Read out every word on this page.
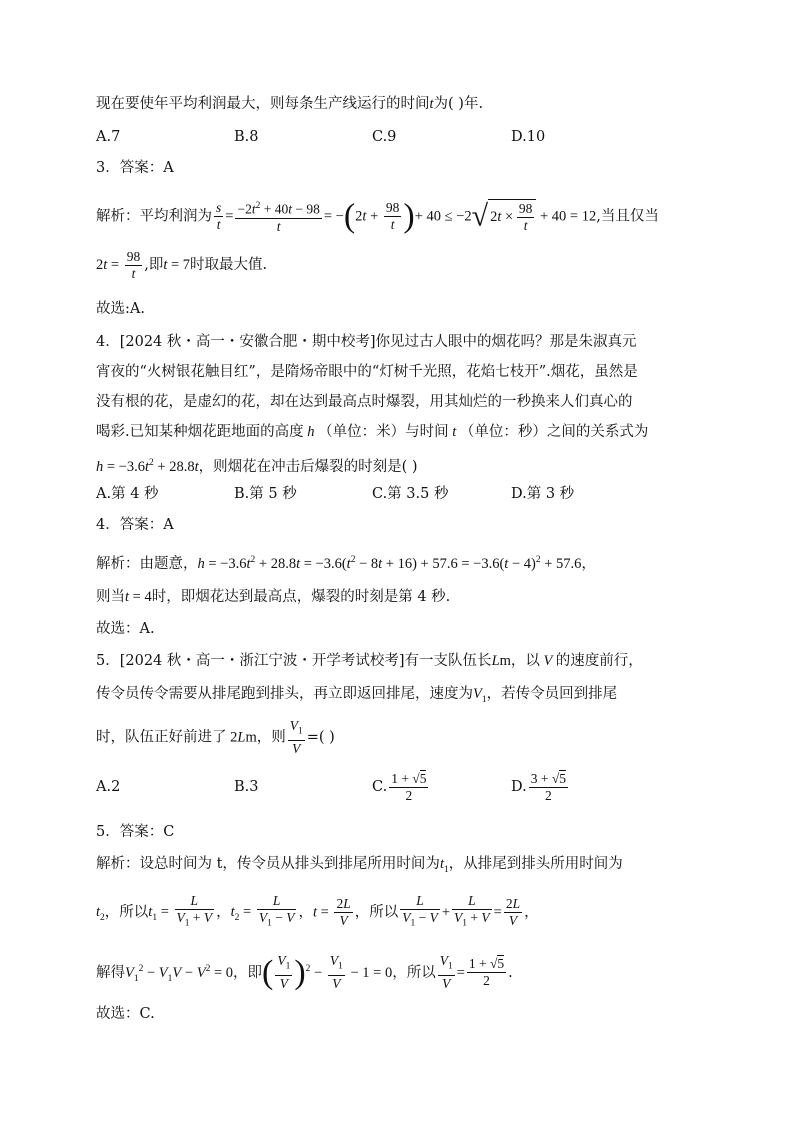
现在要使年平均利润最大，则每条生产线运行的时间t为( )年.
A.7	B.8	C.9	D.10
3．答案：A
解析：平均利润为 $\frac{s}{t} = \frac{-2t^2 + 40t - 98}{t} = -(2t + \frac{98}{t}$ )+ 40 ≤ −2√ $2t \times \frac{98}{t} + 40 = 12$,当且仅当
$2t = \frac{98}{t}$ ,即t = 7时取最大值.
故选:A.
4．[2024 秋・高一・安徽合肥・期中校考]你见过古人眼中的烟花吗？那是朱淑真元
宵夜的“火树银花触目红”，是隋炀帝眼中的“灯树千光照，花焰七枝开”.烟花，虽然是
没有根的花，是虚幻的花，却在达到最高点时爆裂，用其灿烂的一秒换来人们真心的
喝彩.已知某种烟花距地面的高度 h （单位：米）与时间 t （单位：秒）之间的关系式为
$h = -3.6t^2 + 28.8t$，则烟花在冲击后爆裂的时刻是( )
A.第 4 秒	B.第 5 秒	C.第 3.5 秒	D.第 3 秒
4．答案：A
解析：由题意，$h = -3.6t^2 + 28.8t = -3.6(t^2 - 8t + 16) + 57.6 = -3.6(t - 4)^2 + 57.6$，
则当t = 4时，即烟花达到最高点，爆裂的时刻是第 4 秒.
故选：A.
5．[2024 秋・高一・浙江宁波・开学考试校考]有一支队伍长Lm，以 V 的速度前行，
传令员传令需要从排尾跑到排头，再立即返回排尾，速度为$V_1$，若传令员回到排尾
时，队伍正好前进了 2Lm，则 $\frac{V_1}{V}$ =( )
A.2	B.3	C. $\frac{1 + √5}{2}$	D. $\frac{3 + √5}{2}$
5．答案：C
解析：设总时间为 t，传令员从排头到排尾所用时间为$t_1$，从排尾到排头所用时间为
$t_2$，所以$t_1 = \frac{L}{V_1 + V}$ ，$t_2 = \frac{L}{V_1 - V}$ ，$t = \frac{2L}{V}$ ，所以 $\frac{L}{V_1 - V} + \frac{L}{V_1 + V} = \frac{2L}{V}$ ，
解得$V_1^2 - V_1V - V^2 = 0$，即( $\frac{V_1}{V} )^2 - \frac{V_1}{V} - 1 = 0$，所以 $\frac{V_1}{V} = \frac{1 + √5}{2}$ .
故选：C.
